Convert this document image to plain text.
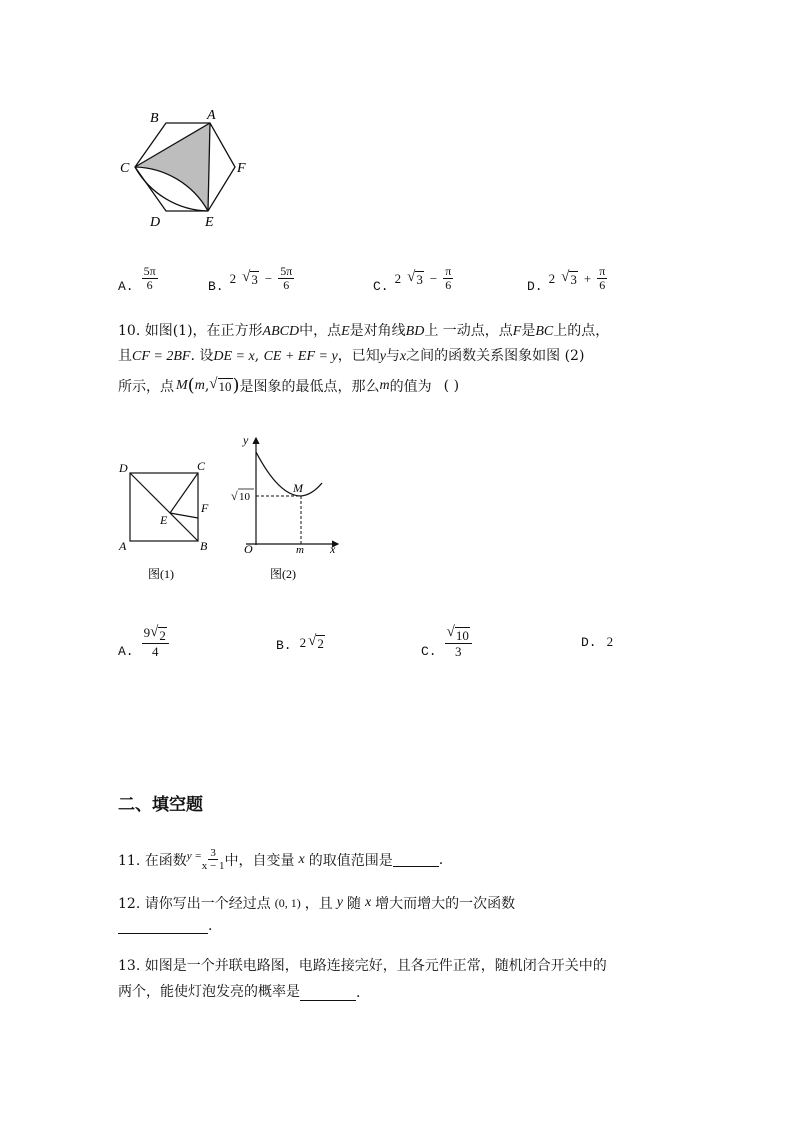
B	A
C	F
D	E
A. $\frac{5\pi}{6}$	B.
2 √ $3 - \frac{5\pi}{6}$	C.
2 √ $3 - \frac{\pi}{6}$	D.
2 √ $3 + \frac{\pi}{6}$
10. 如图(1)，在正方形ABCD中，点E是对角线BD上 一动点，点F是BC上的点，
且CF = 2BF. 设DE = x, CE + EF = y，已知y与x之间的函数关系图象如图 (2)
所示，点 M ( m , √ 10 ) 是图象的最低点，那么 m 的值为 ( )
D	C
F
E
A	B
图(1)
y
x
O
M
m
√ 10
图(2)
A. $\frac{9 √ 2}{4}$	B. 2 √ 2
C. $\frac{√ 10}{3}$	D. 2
二、填空题
11. 在函数 $y = \frac{3}{x - 1}$ 中，自变量 x 的取值范围是	.
12. 请你写出一个经过点 (0, 1) ，且 y 随 x 增大而增大的一次函数
.
13. 如图是一个并联电路图，电路连接完好，且各元件正常，随机闭合开关中的
两个，能使灯泡发亮的概率是	.
